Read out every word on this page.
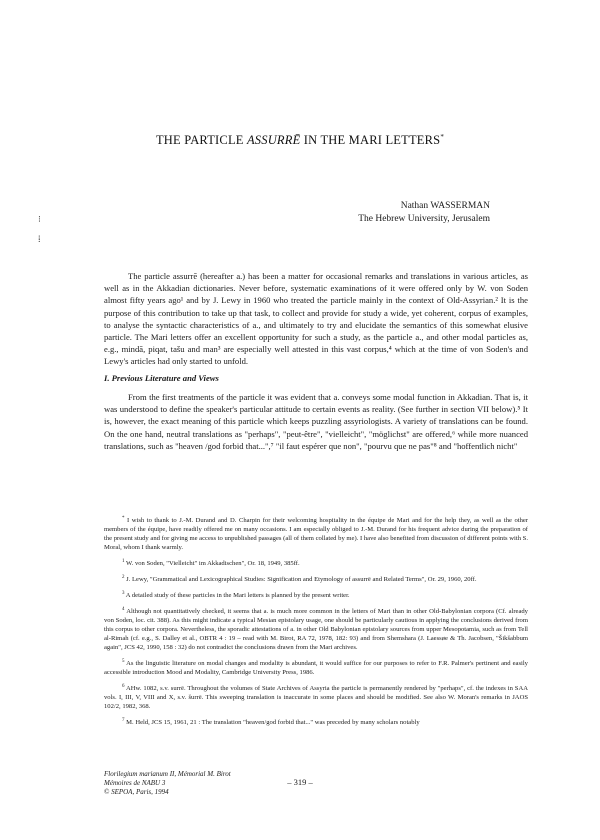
THE PARTICLE ASSURRĒ IN THE MARI LETTERS*
⁝
⁞
Nathan WASSERMAN
The Hebrew University, Jerusalem

The particle assurrē (hereafter a.) has been a matter for occasional remarks and translations in various articles, as well as in the Akkadian dictionaries. Never before, systematic examinations of it were offered only by W. von Soden almost fifty years ago¹ and by J. Lewy in 1960 who treated the particle mainly in the context of Old-Assyrian.² It is the purpose of this contribution to take up that task, to collect and provide for study a wide, yet coherent, corpus of examples, to analyse the syntactic characteristics of a., and ultimately to try and elucidate the semantics of this somewhat elusive particle. The Mari letters offer an excellent opportunity for such a study, as the particle a., and other modal particles as, e.g., mindā, piqat, tašu and man³ are especially well attested in this vast corpus,⁴ which at the time of von Soden's and Lewy's articles had only started to unfold.

I. Previous Literature and Views

From the first treatments of the particle it was evident that a. conveys some modal function in Akkadian. That is, it was understood to define the speaker's particular attitude to certain events as reality. (See further in section VII below).⁵ It is, however, the exact meaning of this particle which keeps puzzling assyriologists. A variety of translations can be found. On the one hand, neutral translations as "perhaps", "peut-être", "vielleicht", "möglichst" are offered,⁶ while more nuanced translations, such as "heaven /god forbid that...",⁷ "il faut espérer que non", "pourvu que ne pas"⁸ and "hoffentlich nicht"

* I wish to thank to J.-M. Durand and D. Charpin for their welcoming hospitality in the équipe de Mari and for the help they, as well as the other members of the équipe, have readily offered me on many occasions. I am especially obliged to J.-M. Durand for his frequent advice during the preparation of the present study and for giving me access to unpublished passages (all of them collated by me). I have also benefited from discussion of different points with S. Moral, whom I thank warmly.
$^1$ W. von Soden, "Vielleicht" im Akkadischen", Or. 18, 1949, 385ff.
$^2$ J. Lewy, "Grammatical and Lexicographical Studies: Signification and Etymology of assurrē and Related Terms", Or. 29, 1960, 20ff.
$^3$ A detailed study of these particles in the Mari letters is planned by the present writer.
$^4$ Although not quantitatively checked, it seems that a. is much more common in the letters of Mari than in other Old-Babylonian corpora (Cf. already von Soden, loc. cit. 388). As this might indicate a typical Mesian epistolary usage, one should be particularly cautious in applying the conclusions derived from this corpus to other corpora. Nevertheless, the sporadic attestations of a. in other Old Babylonian epistolary sources from upper Mesopotamia, such as from Tell al-Rimah (cf. e.g., S. Dalley et al., OBTR 4 : 19 – read with M. Birot, RA 72, 1978, 182: 93) and from Shemshara (J. Laessøe & Th. Jacobsen, "Šikšabbum again", JCS 42, 1990, 158 : 32) do not contradict the conclusions drawn from the Mari archives.
$^5$ As the linguistic literature on modal changes and modality is abundant, it would suffice for our purposes to refer to F.R. Palmer's pertinent and easily accessible introduction Mood and Modality, Cambridge University Press, 1986.
$^6$ AHw. 1082, s.v. surrē. Throughout the volumes of State Archives of Assyria the particle is permanently rendered by "perhaps", cf. the indexes in SAA vols. I, III, V, VIII and X, s.v. šurrē. This sweeping translation is inaccurate in some places and should be modified. See also W. Moran's remarks in JAOS 102/2, 1982, 368.
$^7$ M. Held, JCS 15, 1961, 21 : The translation "heaven/god forbid that..." was preceded by many scholars notably
Florilegium marianum II, Mémorial M. Birot
Mémoires de NABU 3
© SEPOA, Paris, 1994
– 319 –
